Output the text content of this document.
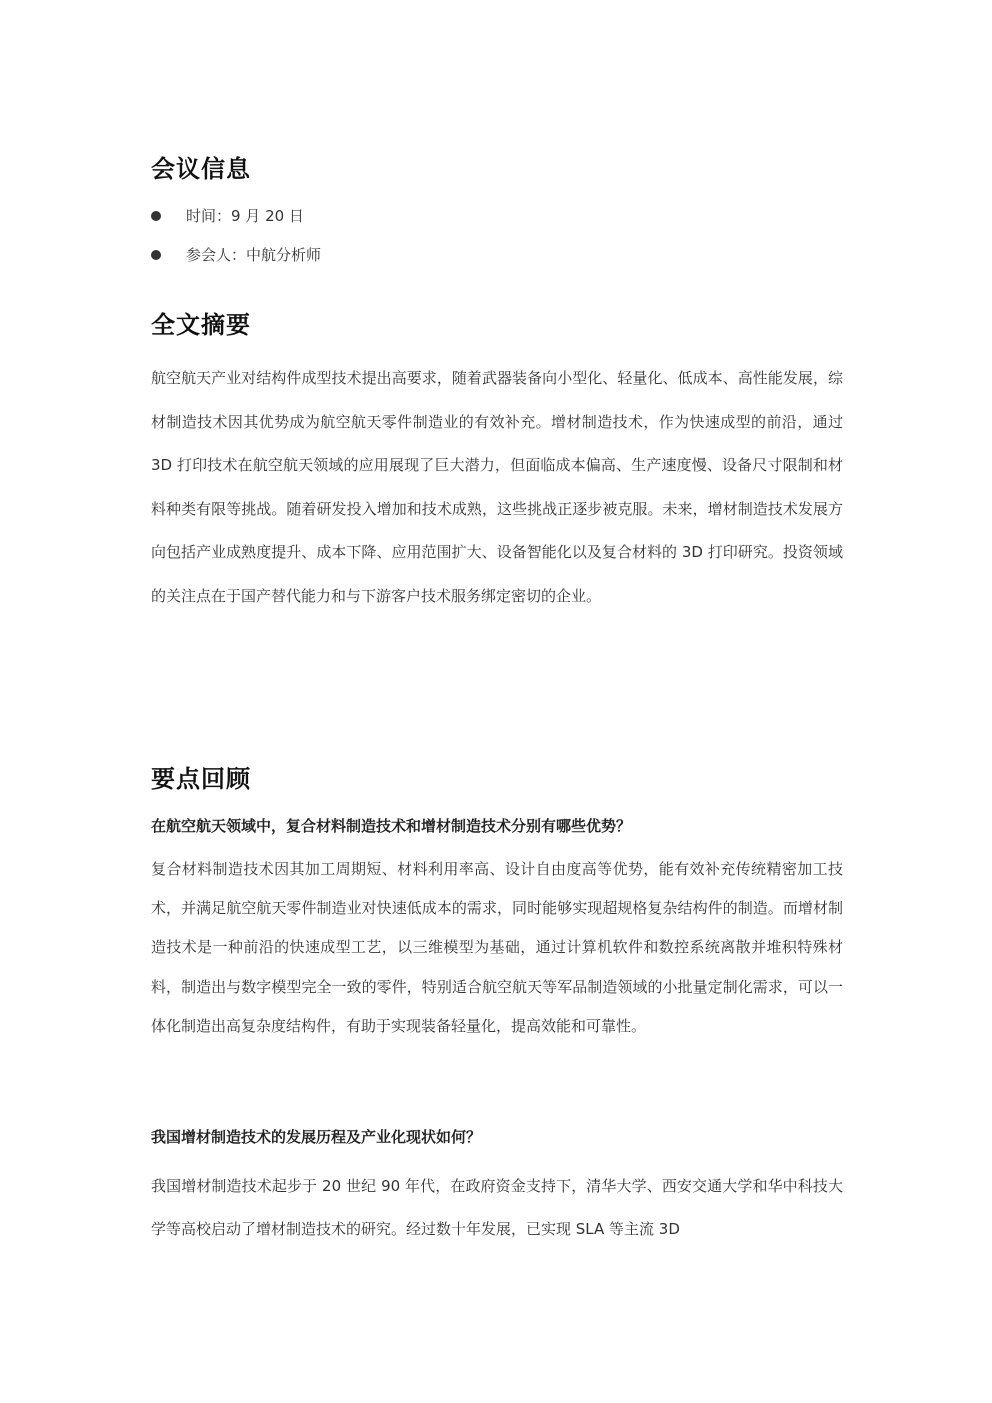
会议信息
时间：9 月 20 日
参会人：中航分析师
全文摘要

航空航天产业对结构件成型技术提出高要求，随着武器装备向小型化、轻量化、低成本、高性能发展，综材制造技术因其优势成为航空航天零件制造业的有效补充。增材制造技术，作为快速成型的前沿，通过 3D 打印技术在航空航天领域的应用展现了巨大潜力，但面临成本偏高、生产速度慢、设备尺寸限制和材料种类有限等挑战。随着研发投入增加和技术成熟，这些挑战正逐步被克服。未来，增材制造技术发展方向包括产业成熟度提升、成本下降、应用范围扩大、设备智能化以及复合材料的 3D 打印研究。投资领域的关注点在于国产替代能力和与下游客户技术服务绑定密切的企业。

要点回顾
在航空航天领域中，复合材料制造技术和增材制造技术分别有哪些优势？

复合材料制造技术因其加工周期短、材料利用率高、设计自由度高等优势，能有效补充传统精密加工技术，并满足航空航天零件制造业对快速低成本的需求，同时能够实现超规格复杂结构件的制造。而增材制造技术是一种前沿的快速成型工艺，以三维模型为基础，通过计算机软件和数控系统离散并堆积特殊材料，制造出与数字模型完全一致的零件，特别适合航空航天等军品制造领域的小批量定制化需求，可以一体化制造出高复杂度结构件，有助于实现装备轻量化，提高效能和可靠性。

我国增材制造技术的发展历程及产业化现状如何？

我国增材制造技术起步于 20 世纪 90 年代，在政府资金支持下，清华大学、西安交通大学和华中科技大学等高校启动了增材制造技术的研究。经过数十年发展，已实现 SLA 等主流 3D
